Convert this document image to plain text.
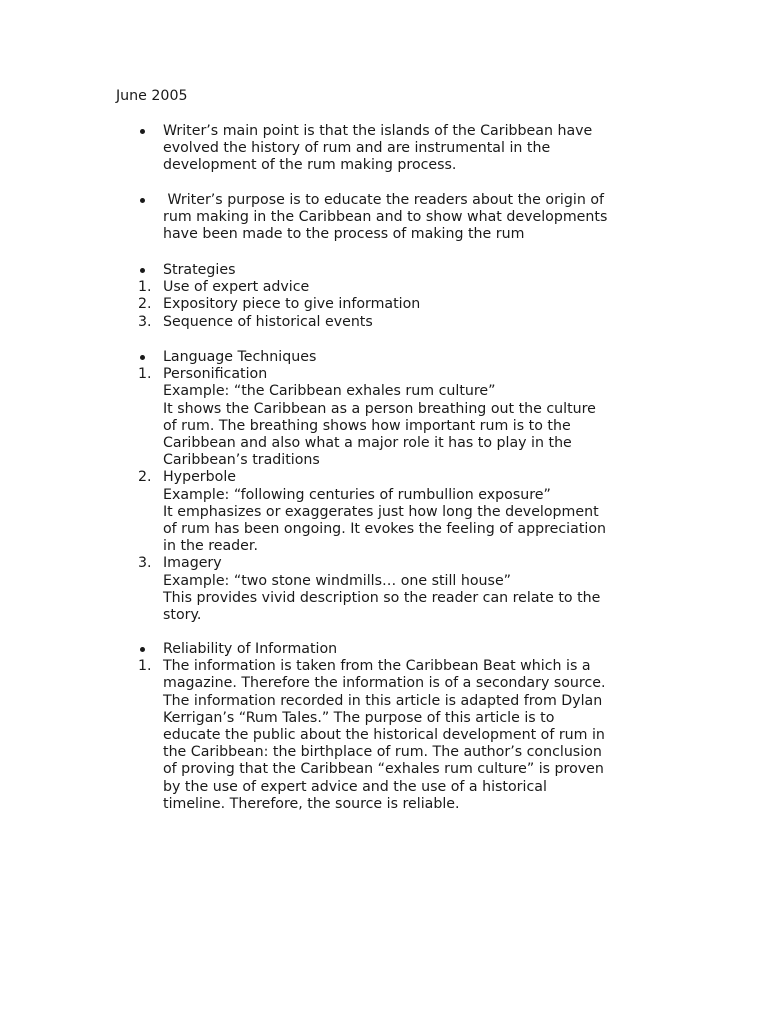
June 2005
Writer’s main point is that the islands of the Caribbean have
evolved the history of rum and are instrumental in the
development of the rum making process.
Writer’s purpose is to educate the readers about the origin of
rum making in the Caribbean and to show what developments
have been made to the process of making the rum
Strategies
1. Use of expert advice
2. Expository piece to give information
3. Sequence of historical events
Language Techniques
1. Personification
Example: “the Caribbean exhales rum culture”
It shows the Caribbean as a person breathing out the culture
of rum. The breathing shows how important rum is to the
Caribbean and also what a major role it has to play in the
Caribbean’s traditions
2. Hyperbole
Example: “following centuries of rumbullion exposure”
It emphasizes or exaggerates just how long the development
of rum has been ongoing. It evokes the feeling of appreciation
in the reader.
3. Imagery
Example: “two stone windmills… one still house”
This provides vivid description so the reader can relate to the
story.
Reliability of Information
1. The information is taken from the Caribbean Beat which is a
magazine. Therefore the information is of a secondary source.
The information recorded in this article is adapted from Dylan
Kerrigan’s “Rum Tales.” The purpose of this article is to
educate the public about the historical development of rum in
the Caribbean: the birthplace of rum. The author’s conclusion
of proving that the Caribbean “exhales rum culture” is proven
by the use of expert advice and the use of a historical
timeline. Therefore, the source is reliable.
